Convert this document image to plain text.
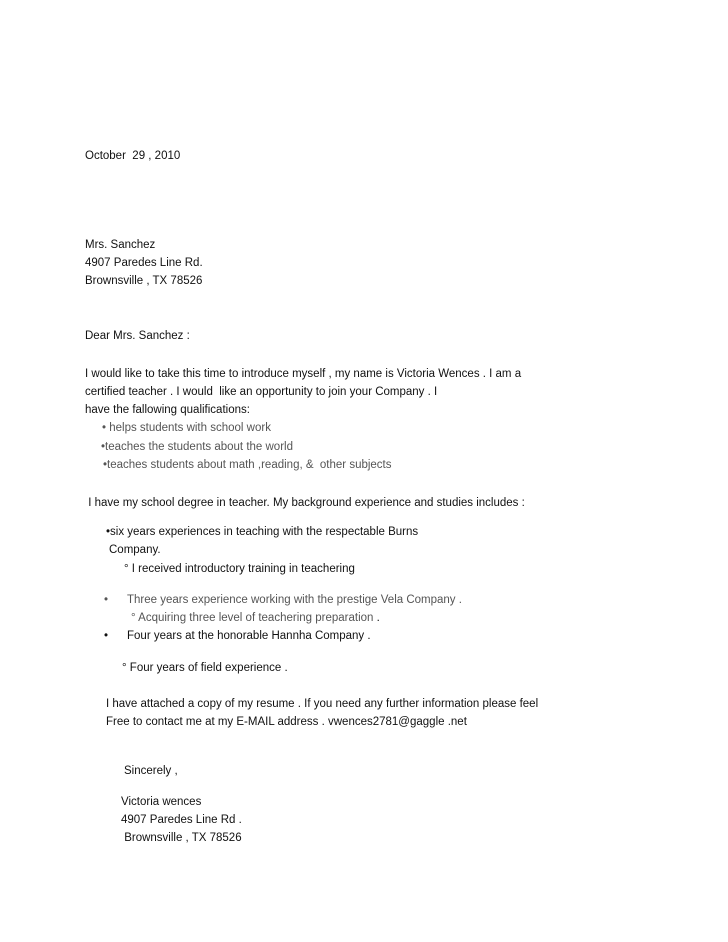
October  29 , 2010
Mrs. Sanchez
4907 Paredes Line Rd.
Brownsville , TX 78526
Dear Mrs. Sanchez :
I would like to take this time to introduce myself , my name is Victoria Wences . I am a
certified teacher . I would  like an opportunity to join your Company . I
have the fallowing qualifications:
• helps students with school work
•teaches the students about the world
•teaches students about math ,reading, &  other subjects
I have my school degree in teacher. My background experience and studies includes :
•six years experiences in teaching with the respectable Burns
Company.
° I received introductory training in teachering
• Three years experience working with the prestige Vela Company .
° Acquiring three level of teachering preparation .
• Four years at the honorable Hannha Company .
° Four years of field experience .
I have attached a copy of my resume . If you need any further information please feel
Free to contact me at my E-MAIL address . vwences2781@gaggle .net
Sincerely ,
Victoria wences
4907 Paredes Line Rd .
Brownsville , TX 78526
